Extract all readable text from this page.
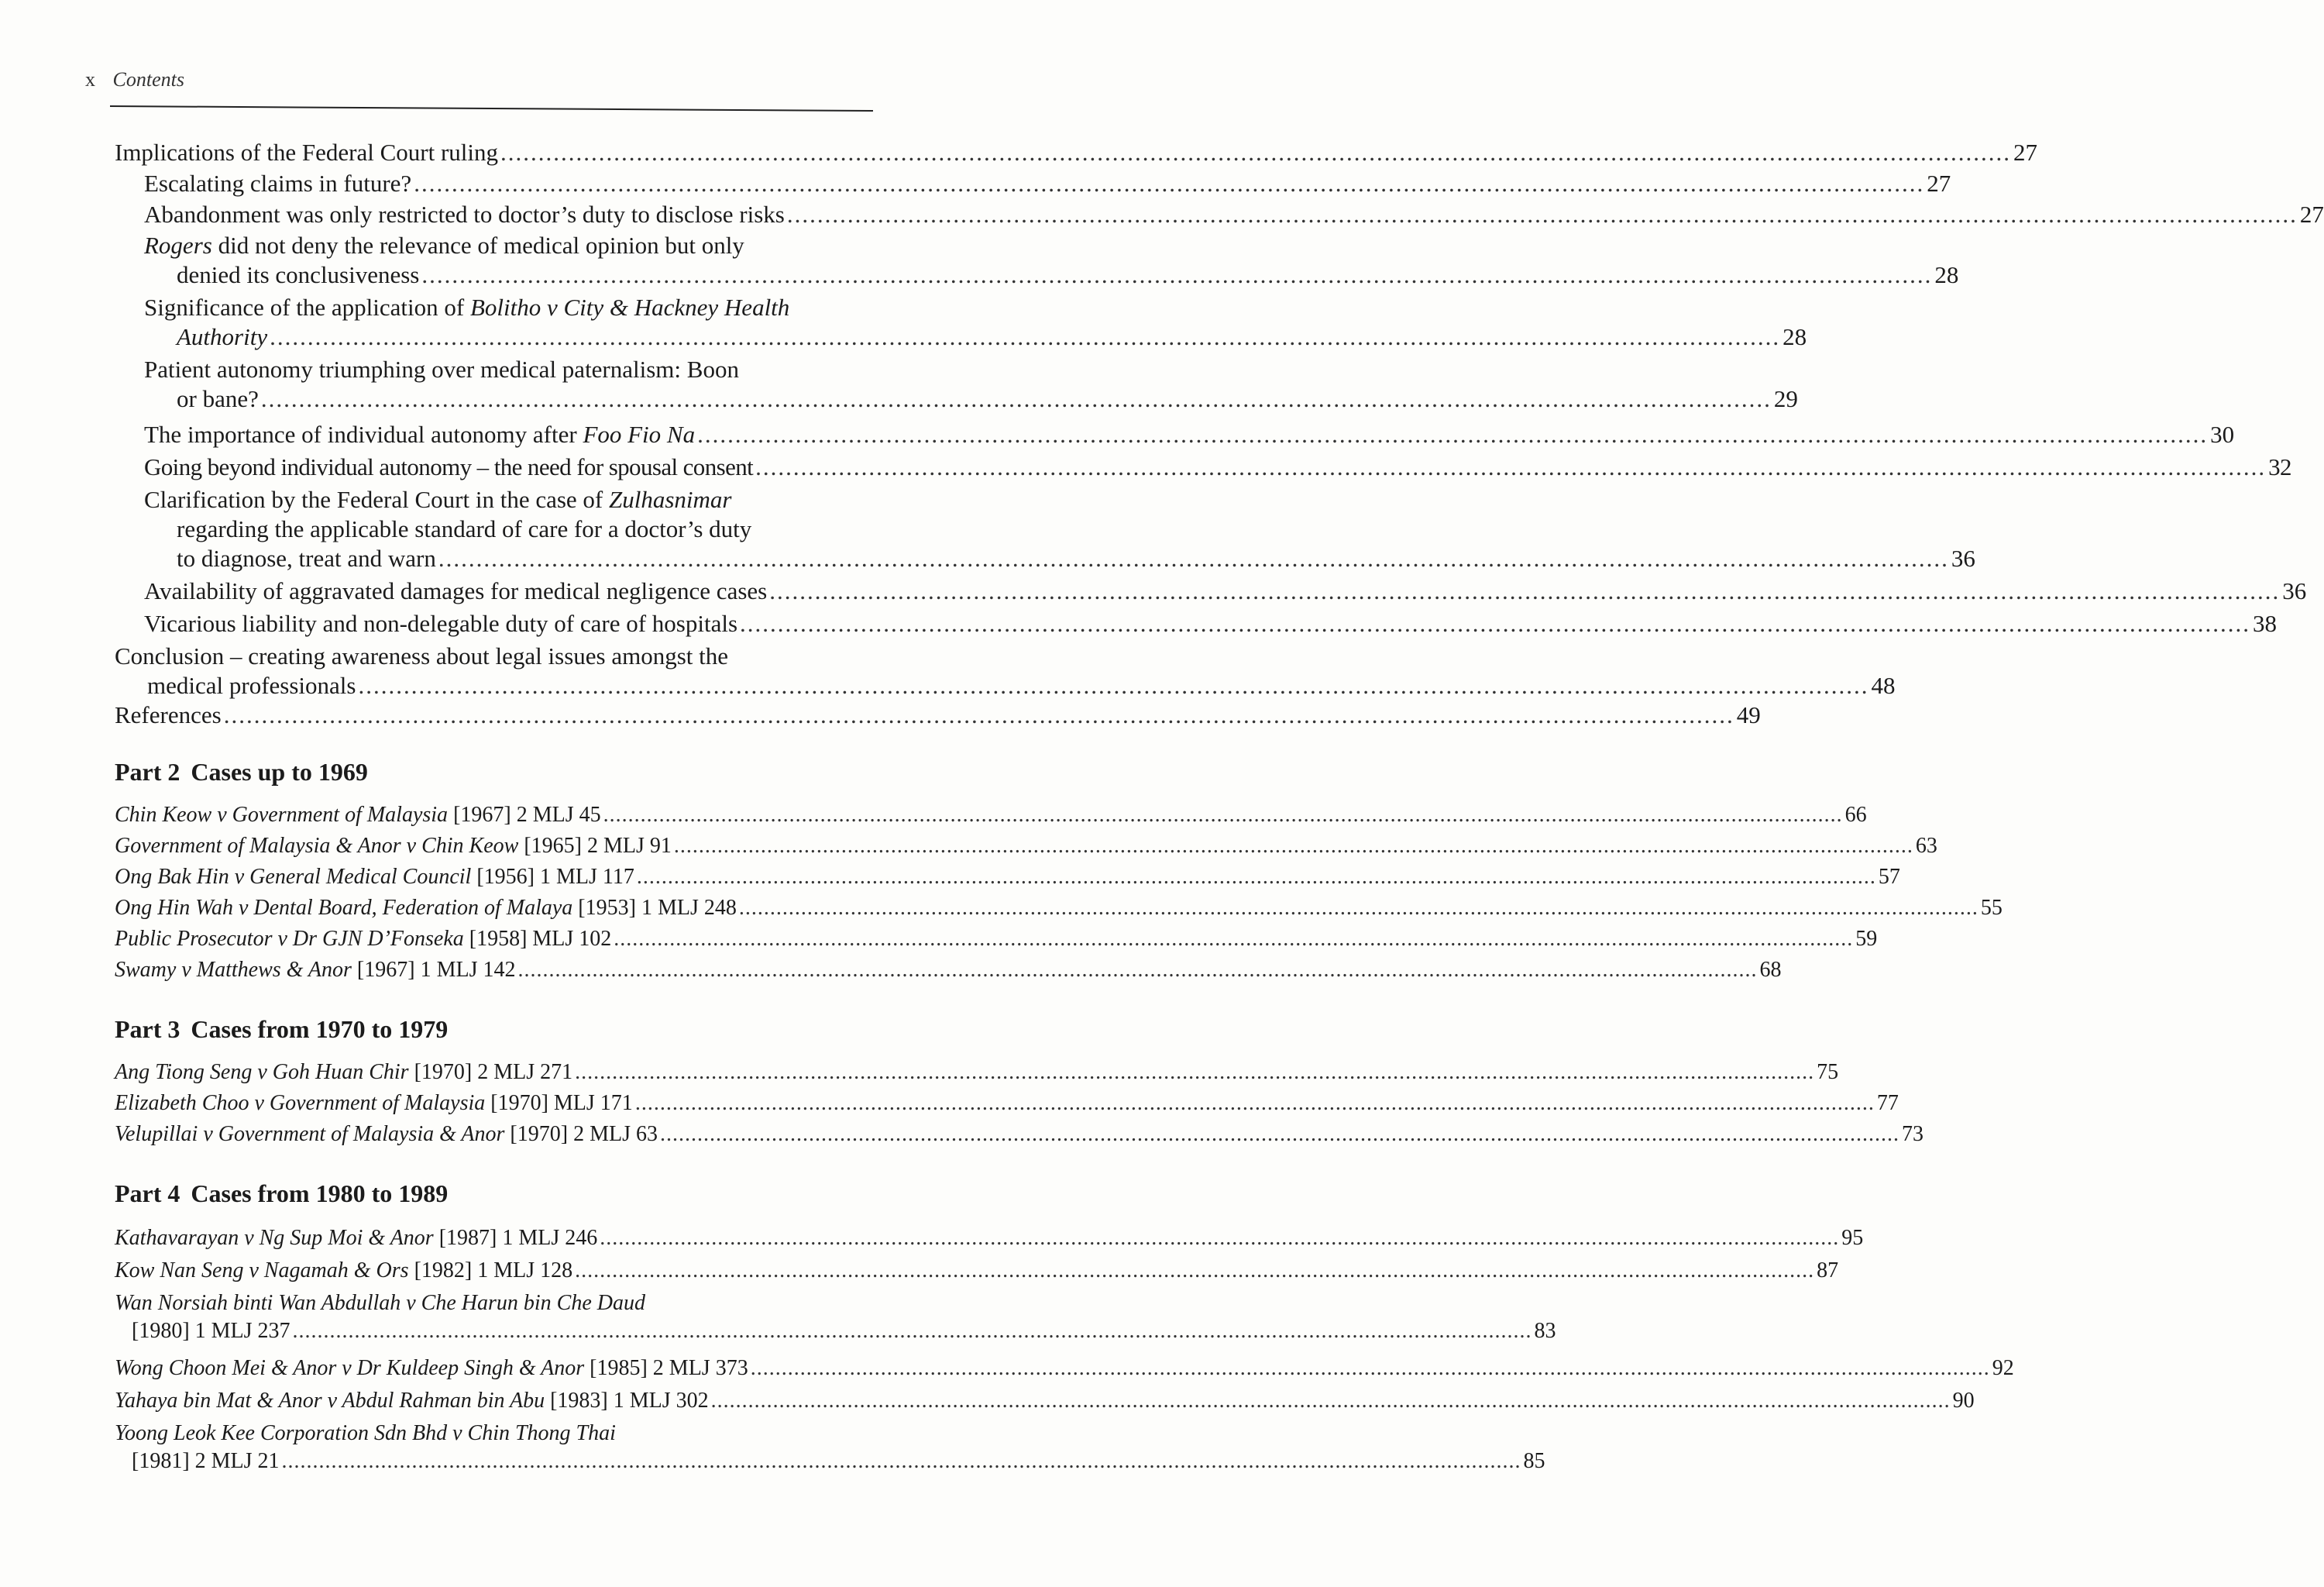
x Contents
Implications of the Federal Court ruling ........................................................................................................................................................................................................ 27
Escalating claims in future? ........................................................................................................................................................................................................ 27
Abandonment was only restricted to doctor’s duty to disclose risks ........................................................................................................................................................................................................ 27
Rogers did not deny the relevance of medical opinion but only
denied its conclusiveness ........................................................................................................................................................................................................ 28
Significance of the application of Bolitho v City & Hackney Health
Authority ........................................................................................................................................................................................................ 28
Patient autonomy triumphing over medical paternalism: Boon
or bane? ........................................................................................................................................................................................................ 29
The importance of individual autonomy after Foo Fio Na ........................................................................................................................................................................................................ 30
Going beyond individual autonomy – the need for spousal consent ........................................................................................................................................................................................................ 32
Clarification by the Federal Court in the case of Zulhasnimar
regarding the applicable standard of care for a doctor’s duty
to diagnose, treat and warn ........................................................................................................................................................................................................ 36
Availability of aggravated damages for medical negligence cases ........................................................................................................................................................................................................ 36
Vicarious liability and non-delegable duty of care of hospitals ........................................................................................................................................................................................................ 38
Conclusion – creating awareness about legal issues amongst the
medical professionals ........................................................................................................................................................................................................ 48
References ........................................................................................................................................................................................................ 49
Part 2 Cases up to 1969
Chin Keow v Government of Malaysia [1967] 2 MLJ 45 ........................................................................................................................................................................................................ 66
Government of Malaysia & Anor v Chin Keow [1965] 2 MLJ 91 ........................................................................................................................................................................................................ 63
Ong Bak Hin v General Medical Council [1956] 1 MLJ 117 ........................................................................................................................................................................................................ 57
Ong Hin Wah v Dental Board, Federation of Malaya [1953] 1 MLJ 248 ........................................................................................................................................................................................................ 55
Public Prosecutor v Dr GJN D’Fonseka [1958] MLJ 102 ........................................................................................................................................................................................................ 59
Swamy v Matthews & Anor [1967] 1 MLJ 142 ........................................................................................................................................................................................................ 68
Part 3 Cases from 1970 to 1979
Ang Tiong Seng v Goh Huan Chir [1970] 2 MLJ 271 ........................................................................................................................................................................................................ 75
Elizabeth Choo v Government of Malaysia [1970] MLJ 171 ........................................................................................................................................................................................................ 77
Velupillai v Government of Malaysia & Anor [1970] 2 MLJ 63 ........................................................................................................................................................................................................ 73
Part 4 Cases from 1980 to 1989
Kathavarayan v Ng Sup Moi & Anor [1987] 1 MLJ 246 ........................................................................................................................................................................................................ 95
Kow Nan Seng v Nagamah & Ors [1982] 1 MLJ 128 ........................................................................................................................................................................................................ 87
Wan Norsiah binti Wan Abdullah v Che Harun bin Che Daud
[1980] 1 MLJ 237 ........................................................................................................................................................................................................ 83
Wong Choon Mei & Anor v Dr Kuldeep Singh & Anor [1985] 2 MLJ 373 ........................................................................................................................................................................................................ 92
Yahaya bin Mat & Anor v Abdul Rahman bin Abu [1983] 1 MLJ 302 ........................................................................................................................................................................................................ 90
Yoong Leok Kee Corporation Sdn Bhd v Chin Thong Thai
[1981] 2 MLJ 21 ........................................................................................................................................................................................................ 85
